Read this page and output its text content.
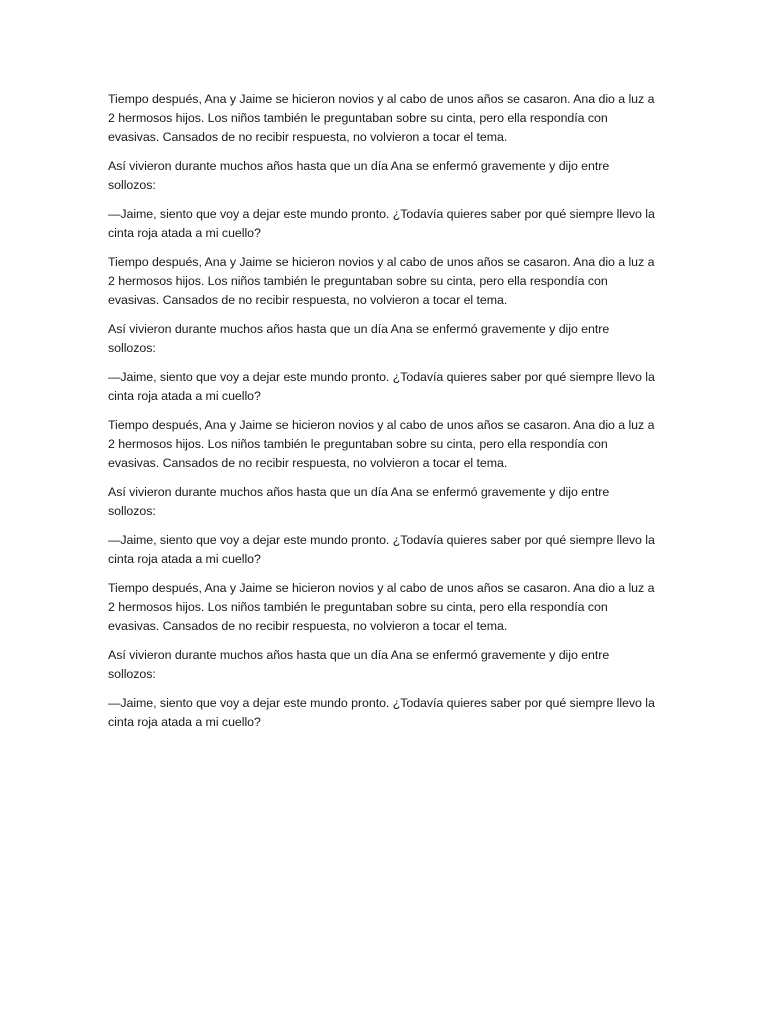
Tiempo después, Ana y Jaime se hicieron novios y al cabo de unos años se casaron. Ana dio a luz a 2 hermosos hijos. Los niños también le preguntaban sobre su cinta, pero ella respondía con evasivas. Cansados de no recibir respuesta, no volvieron a tocar el tema.

Así vivieron durante muchos años hasta que un día Ana se enfermó gravemente y dijo entre sollozos:

—Jaime, siento que voy a dejar este mundo pronto. ¿Todavía quieres saber por qué siempre llevo la cinta roja atada a mi cuello?

Tiempo después, Ana y Jaime se hicieron novios y al cabo de unos años se casaron. Ana dio a luz a 2 hermosos hijos. Los niños también le preguntaban sobre su cinta, pero ella respondía con evasivas. Cansados de no recibir respuesta, no volvieron a tocar el tema.

Así vivieron durante muchos años hasta que un día Ana se enfermó gravemente y dijo entre sollozos:

—Jaime, siento que voy a dejar este mundo pronto. ¿Todavía quieres saber por qué siempre llevo la cinta roja atada a mi cuello?

Tiempo después, Ana y Jaime se hicieron novios y al cabo de unos años se casaron. Ana dio a luz a 2 hermosos hijos. Los niños también le preguntaban sobre su cinta, pero ella respondía con evasivas. Cansados de no recibir respuesta, no volvieron a tocar el tema.

Así vivieron durante muchos años hasta que un día Ana se enfermó gravemente y dijo entre sollozos:

—Jaime, siento que voy a dejar este mundo pronto. ¿Todavía quieres saber por qué siempre llevo la cinta roja atada a mi cuello?

Tiempo después, Ana y Jaime se hicieron novios y al cabo de unos años se casaron. Ana dio a luz a 2 hermosos hijos. Los niños también le preguntaban sobre su cinta, pero ella respondía con evasivas. Cansados de no recibir respuesta, no volvieron a tocar el tema.

Así vivieron durante muchos años hasta que un día Ana se enfermó gravemente y dijo entre sollozos:

—Jaime, siento que voy a dejar este mundo pronto. ¿Todavía quieres saber por qué siempre llevo la cinta roja atada a mi cuello?
